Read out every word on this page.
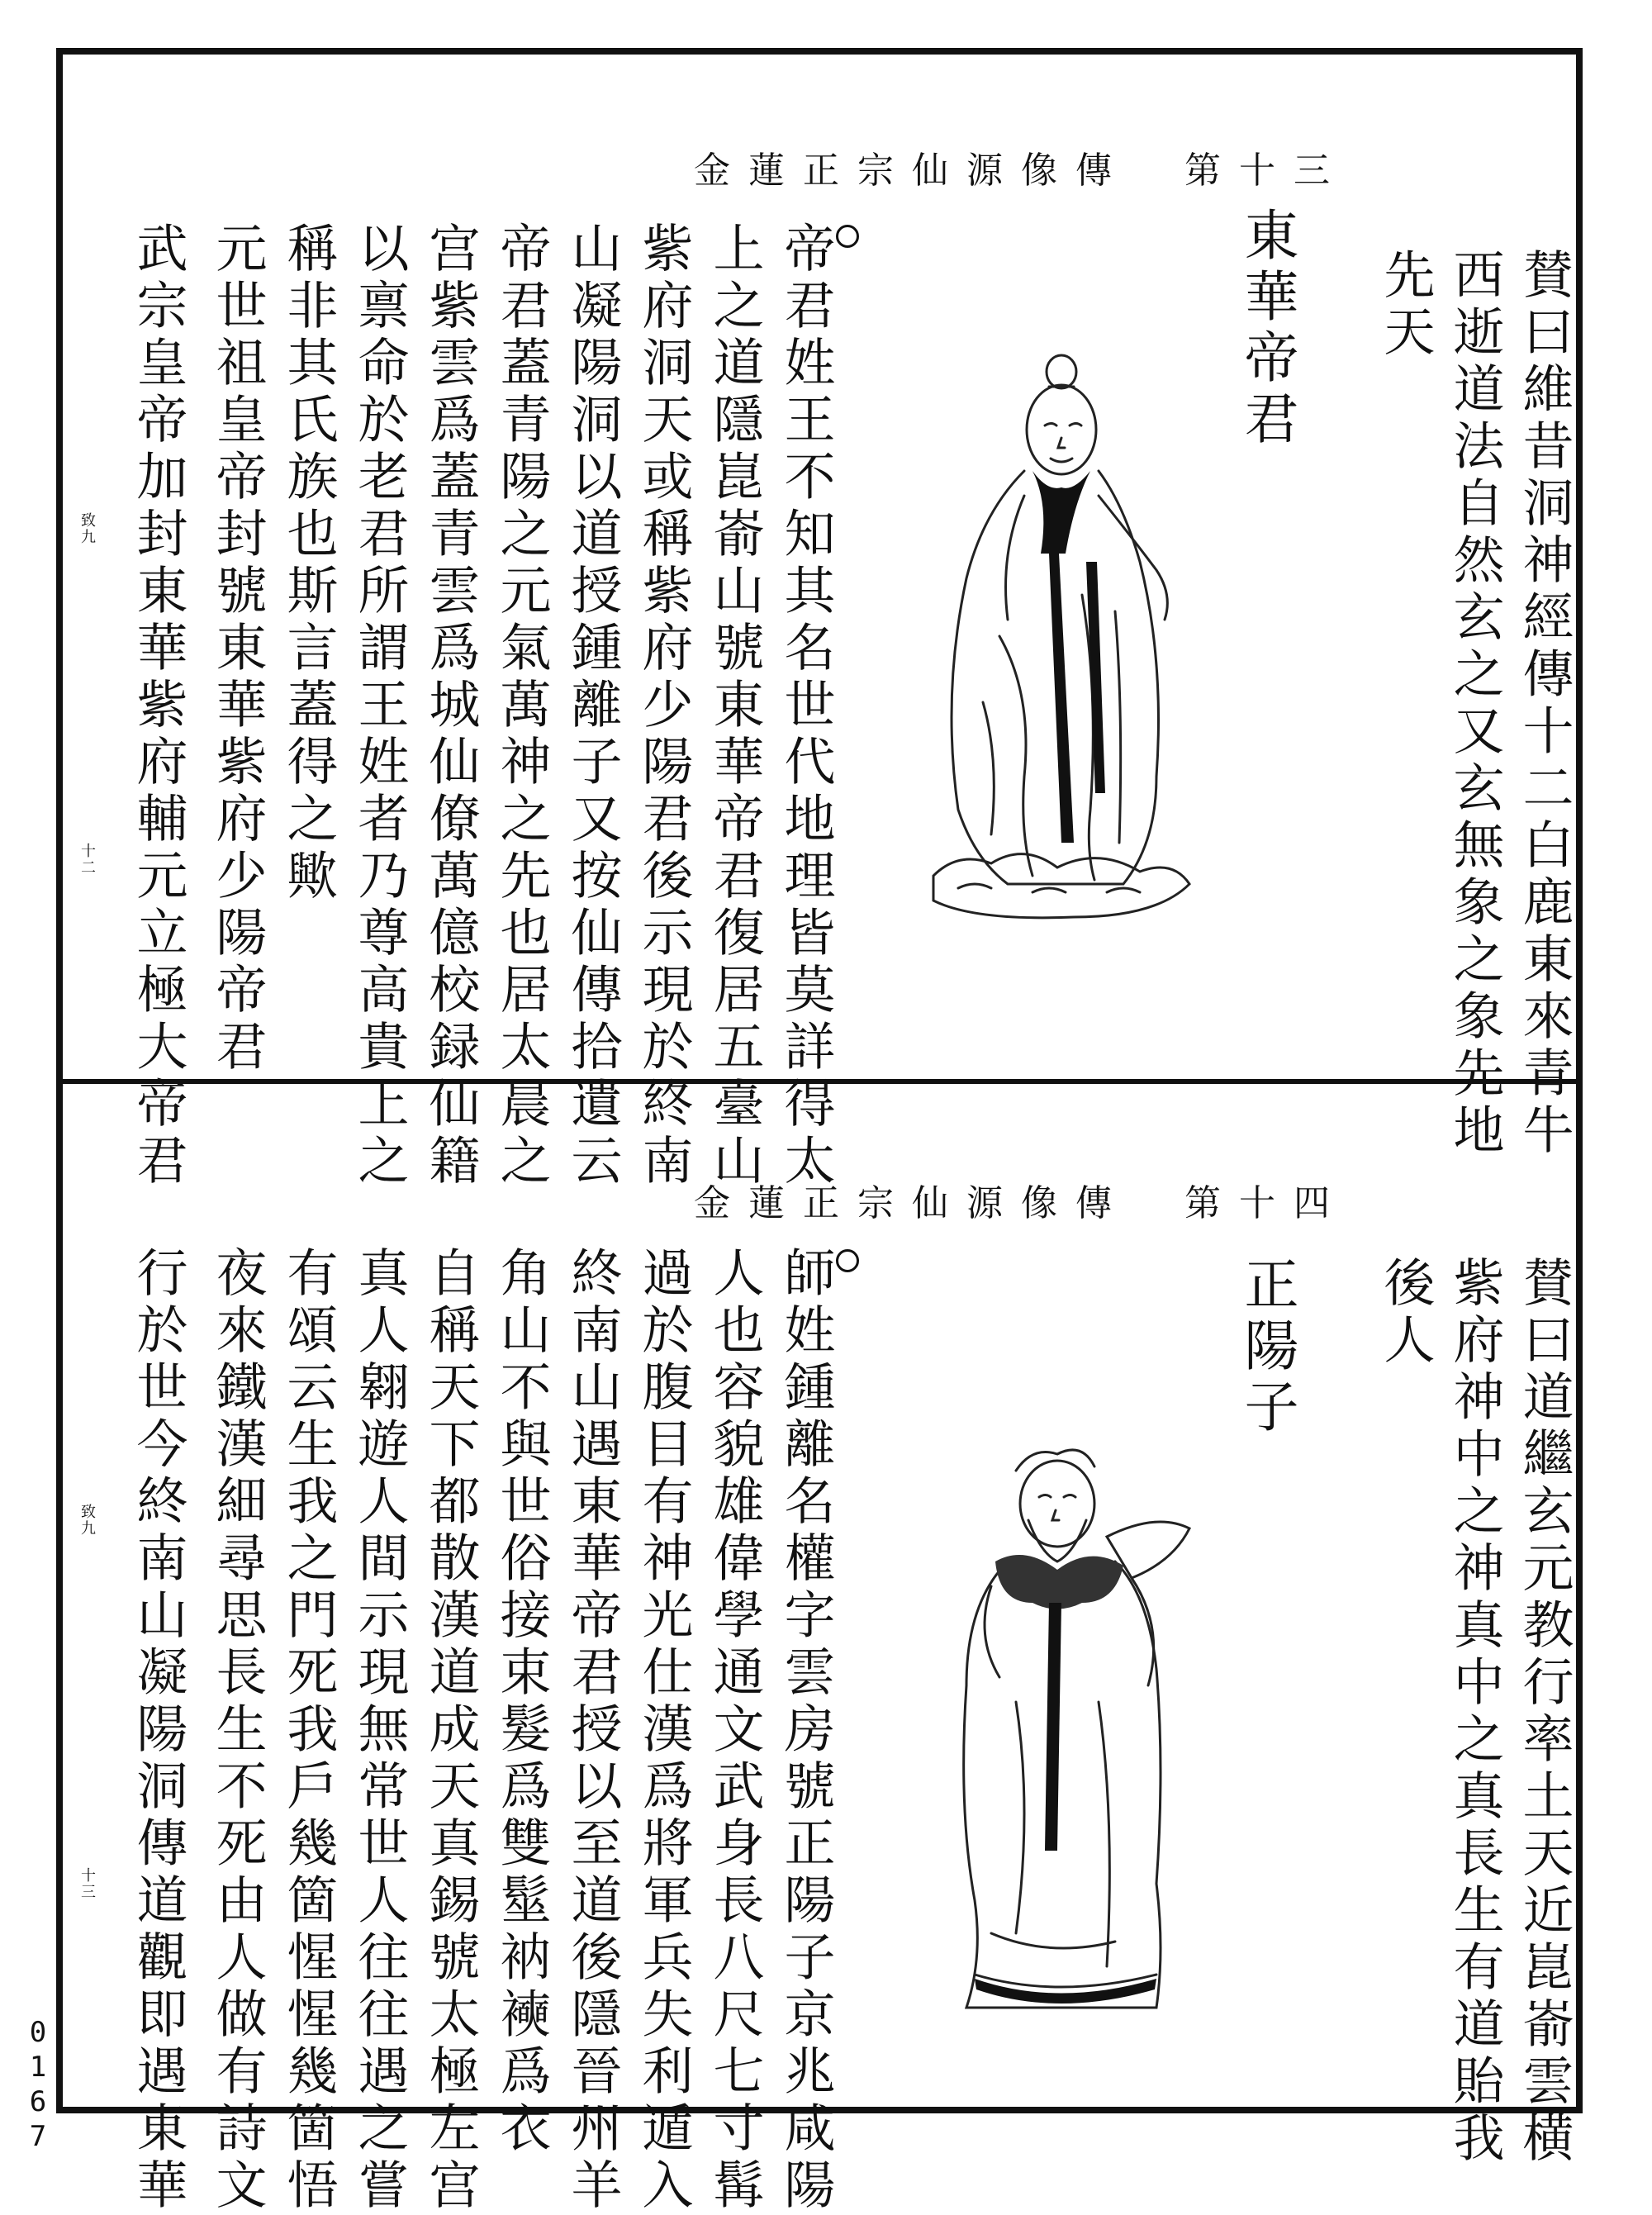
0167
金蓮正宗仙源像傳　第十三
賛曰維昔洞神經傳十二白鹿東來青牛
西逝道法自然玄之又玄無象之象先地
先天
東華帝君
帝君姓王不知其名世代地理皆莫詳得太
上之道隱崑嵛山號東華帝君復居五臺山
紫府洞天或稱紫府少陽君後示現於終南
山凝陽洞以道授鍾離子又按仙傳拾遺云
帝君蓋青陽之元氣萬神之先也居太晨之
宫紫雲爲蓋青雲爲城仙僚萬億校録仙籍
以禀命於老君所謂王姓者乃尊高貴上之
稱非其氏族也斯言蓋得之歟
元世祖皇帝封號東華紫府少陽帝君
武宗皇帝加封東華紫府輔元立極大帝君
致九
十二
金蓮正宗仙源像傳　第十四
賛曰道繼玄元教行率土天近崑嵛雲横
紫府神中之神真中之真長生有道貽我
後人
正陽子
師姓鍾離名權字雲房號正陽子京兆咸陽
人也容貌雄偉學通文武身長八尺七寸髯
過於腹目有神光仕漢爲將軍兵失利遁入
終南山遇東華帝君授以至道後隱晉州羊
角山不與世俗接束髮爲雙髽衲襫爲衣
自稱天下都散漢道成天真錫號太極左宫
真人翱遊人間示現無常世人往往遇之嘗
有頌云生我之門死我戶幾箇惺惺幾箇悟
夜來鐵漢細尋思長生不死由人做有詩文
行於世今終南山凝陽洞傳道觀即遇東華
致九
十三
